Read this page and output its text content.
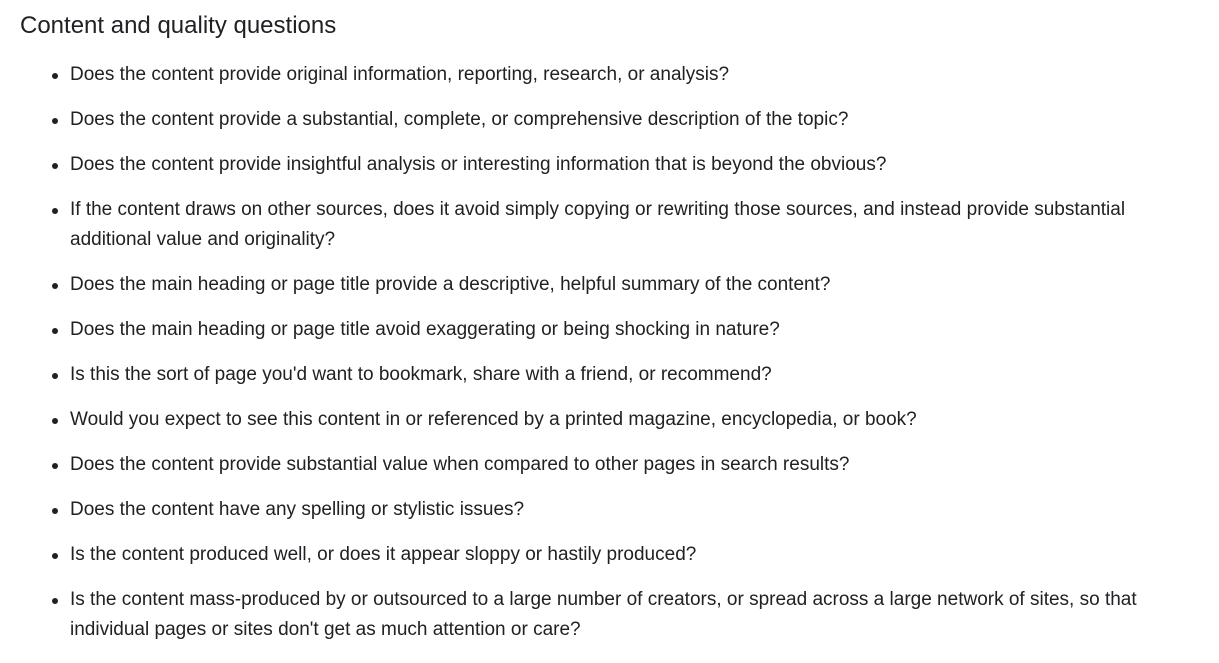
Content and quality questions
Does the content provide original information, reporting, research, or analysis?
Does the content provide a substantial, complete, or comprehensive description of the topic?
Does the content provide insightful analysis or interesting information that is beyond the obvious?
If the content draws on other sources, does it avoid simply copying or rewriting those sources, and instead provide substantial additional value and originality?
Does the main heading or page title provide a descriptive, helpful summary of the content?
Does the main heading or page title avoid exaggerating or being shocking in nature?
Is this the sort of page you'd want to bookmark, share with a friend, or recommend?
Would you expect to see this content in or referenced by a printed magazine, encyclopedia, or book?
Does the content provide substantial value when compared to other pages in search results?
Does the content have any spelling or stylistic issues?
Is the content produced well, or does it appear sloppy or hastily produced?
Is the content mass-produced by or outsourced to a large number of creators, or spread across a large network of sites, so that individual pages or sites don't get as much attention or care?
